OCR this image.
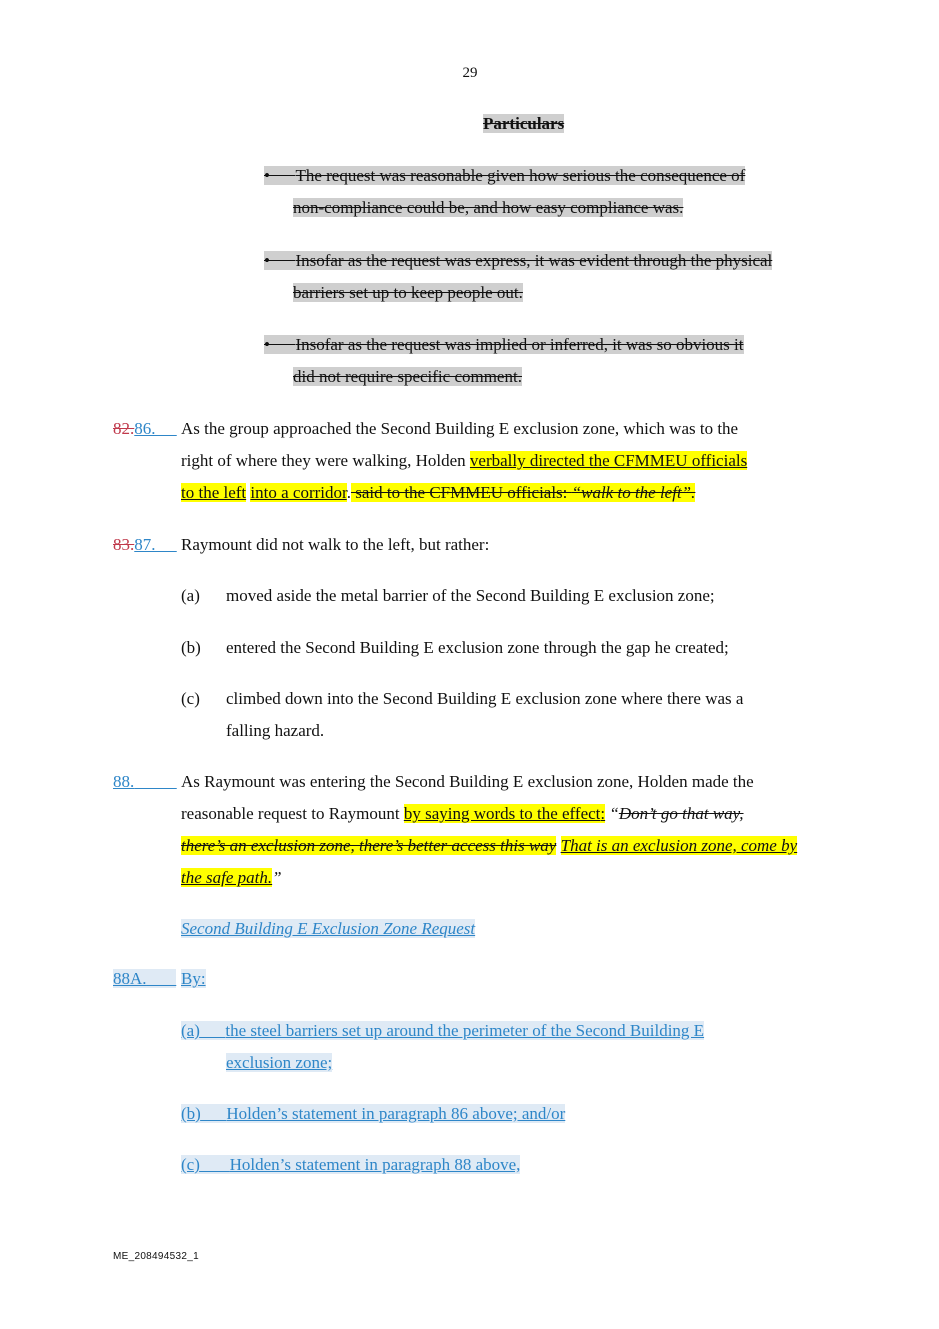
29
Particulars
•      The request was reasonable given how serious the consequence of
non-compliance could be, and how easy compliance was.
•      Insofar as the request was express, it was evident through the physical
barriers set up to keep people out.
•      Insofar as the request was implied or inferred, it was so obvious it
did not require specific comment.
82.86.	As the group approached the Second Building E exclusion zone, which was to the
right of where they were walking, Holden verbally directed the CFMMEU officials
to the left into a corridor. said to the CFMMEU officials: “walk to the left”.
83.87.	Raymount did not walk to the left, but rather:
(a) moved aside the metal barrier of the Second Building E exclusion zone;
(b) entered the Second Building E exclusion zone through the gap he created;
(c) climbed down into the Second Building E exclusion zone where there was a
falling hazard.
88.	As Raymount was entering the Second Building E exclusion zone, Holden made the
reasonable request to Raymount by saying words to the effect: “Don’t go that way,
there’s an exclusion zone, there’s better access this way That is an exclusion zone, come by
the safe path.”
Second Building E Exclusion Zone Request
88A.	By:
(a) the steel barriers set up around the perimeter of the Second Building E
exclusion zone;
(b) Holden’s statement in paragraph 86 above; and/or
(c) Holden’s statement in paragraph 88 above,
ME_208494532_1
